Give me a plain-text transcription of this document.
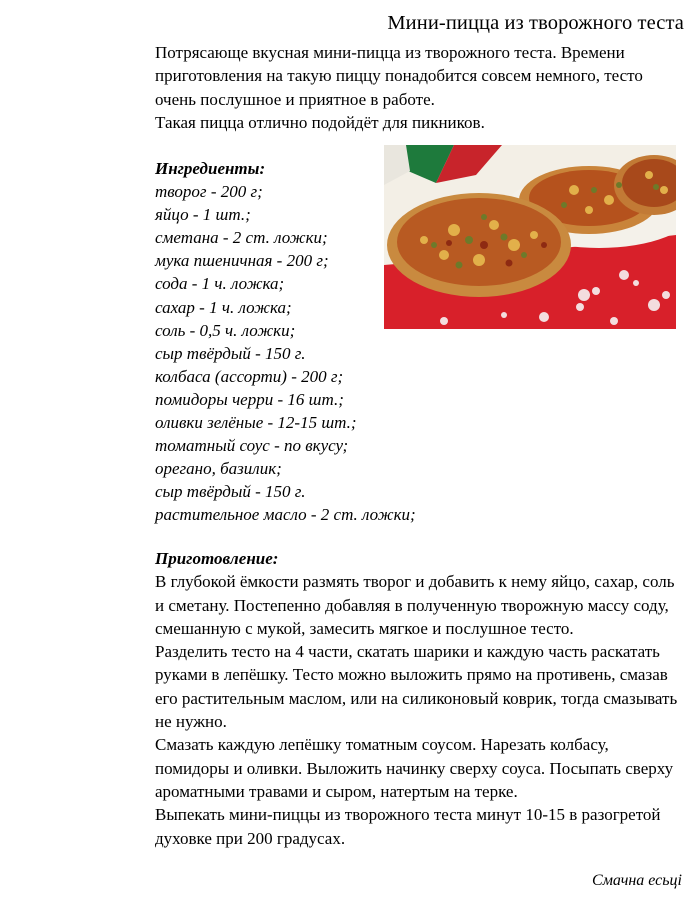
Мини-пицца из творожного теста

Потрясающе вкусная мини-пицца из творожного теста. Времени приготовления на такую пиццу понадобится совсем немного, тесто очень послушное и приятное в работе.

Такая пицца отлично подойдёт для пикников.

Ингредиенты:
творог - 200 г;
яйцо - 1 шт.;
сметана - 2 ст. ложки;
мука пшеничная - 200 г;
сода - 1 ч. ложка;
сахар - 1 ч. ложка;
соль - 0,5 ч. ложки;
сыр твёрдый - 150 г.
колбаса (ассорти) - 200 г;
помидоры черри - 16 шт.;
оливки зелёные - 12-15 шт.;
томатный соус - по вкусу;
орегано, базилик;
сыр твёрдый - 150 г.
растительное масло - 2 ст. ложки;
Приготовление:

В глубокой ёмкости размять творог и добавить к нему яйцо, сахар, соль и сметану. Постепенно добавляя в полученную творожную массу соду, смешанную с мукой, замесить мягкое и послушное тесто.

Разделить тесто на 4 части, скатать шарики и каждую часть раскатать руками в лепёшку. Тесто можно выложить прямо на противень, смазав его растительным маслом, или на силиконовый коврик, тогда смазывать не нужно.

Смазать каждую лепёшку томатным соусом. Нарезать колбасу, помидоры и оливки. Выложить начинку сверху соуса. Посыпать сверху ароматными травами и сыром, натертым на терке.

Выпекать мини-пиццы из творожного теста минут 10-15 в разогретой духовке при 200 градусах.

Смачна есьці
